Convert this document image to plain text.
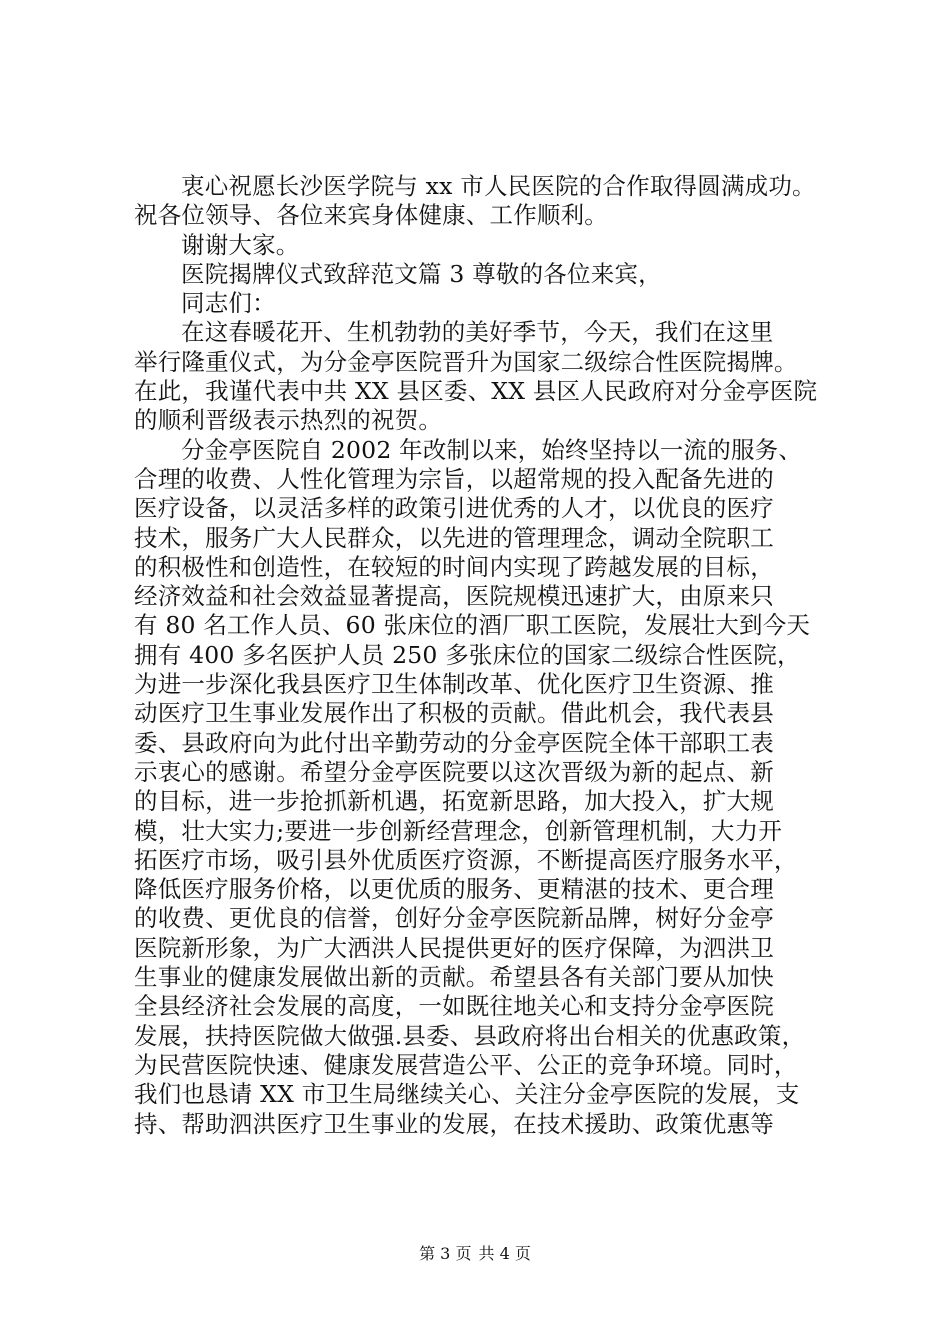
衷心祝愿长沙医学院与 xx 市人民医院的合作取得圆满成功。
祝各位领导、各位来宾身体健康、工作顺利。

谢谢大家。

医院揭牌仪式致辞范文篇 3 尊敬的各位来宾，

同志们：

在这春暖花开、生机勃勃的美好季节，今天，我们在这里
举行隆重仪式，为分金亭医院晋升为国家二级综合性医院揭牌。
在此，我谨代表中共 XX 县区委、XX 县区人民政府对分金亭医院
的顺利晋级表示热烈的祝贺。

分金亭医院自 2002 年改制以来，始终坚持以一流的服务、
合理的收费、人性化管理为宗旨，以超常规的投入配备先进的
医疗设备，以灵活多样的政策引进优秀的人才，以优良的医疗
技术，服务广大人民群众，以先进的管理理念，调动全院职工
的积极性和创造性，在较短的时间内实现了跨越发展的目标，
经济效益和社会效益显著提高，医院规模迅速扩大，由原来只
有 80 名工作人员、60 张床位的酒厂职工医院，发展壮大到今天
拥有 400 多名医护人员 250 多张床位的国家二级综合性医院，
为进一步深化我县医疗卫生体制改革、优化医疗卫生资源、推
动医疗卫生事业发展作出了积极的贡献。借此机会，我代表县
委、县政府向为此付出辛勤劳动的分金亭医院全体干部职工表
示衷心的感谢。希望分金亭医院要以这次晋级为新的起点、新
的目标，进一步抢抓新机遇，拓宽新思路，加大投入，扩大规
模，壮大实力;要进一步创新经营理念，创新管理机制，大力开
拓医疗市场，吸引县外优质医疗资源，不断提高医疗服务水平，
降低医疗服务价格，以更优质的服务、更精湛的技术、更合理
的收费、更优良的信誉，创好分金亭医院新品牌，树好分金亭
医院新形象，为广大洒洪人民提供更好的医疗保障，为泗洪卫
生事业的健康发展做出新的贡献。希望县各有关部门要从加快
全县经济社会发展的高度，一如既往地关心和支持分金亭医院
发展，扶持医院做大做强.县委、县政府将出台相关的优惠政策，
为民营医院快速、健康发展营造公平、公正的竞争环境。同时，
我们也恳请 XX 市卫生局继续关心、关注分金亭医院的发展，支
持、帮助泗洪医疗卫生事业的发展，在技术援助、政策优惠等

第 3 页 共 4 页
